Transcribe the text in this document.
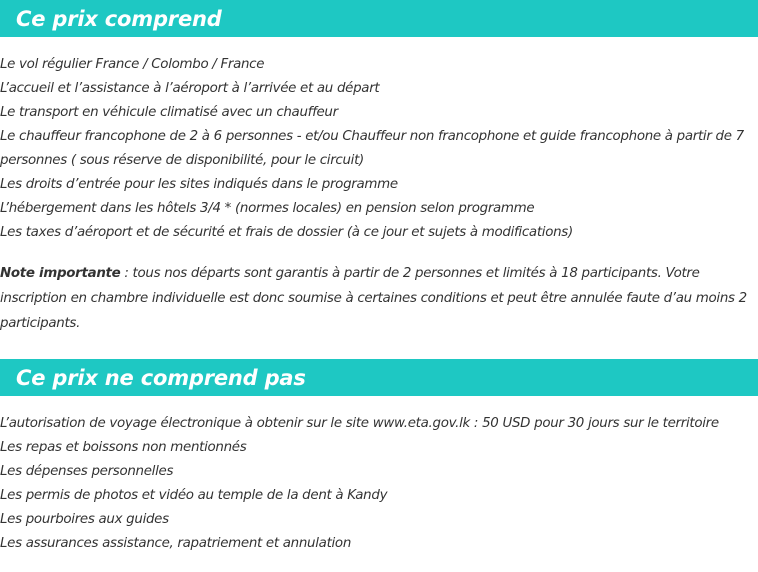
Ce prix comprend
Le vol régulier France / Colombo / France
L’accueil et l’assistance à l’aéroport à l’arrivée et au départ
Le transport en véhicule climatisé avec un chauffeur
Le chauffeur francophone de 2 à 6 personnes - et/ou Chauffeur non francophone et guide francophone à partir de 7 personnes ( sous réserve de disponibilité, pour le circuit)
Les droits d’entrée pour les sites indiqués dans le programme
L’hébergement dans les hôtels 3/4 * (normes locales) en pension selon programme
Les taxes d’aéroport et de sécurité et frais de dossier (à ce jour et sujets à modifications)

Note importante : tous nos départs sont garantis à partir de 2 personnes et limités à 18 participants. Votre inscription en chambre individuelle est donc soumise à certaines conditions et peut être annulée faute d’au moins 2 participants.

Ce prix ne comprend pas
L’autorisation de voyage électronique à obtenir sur le site www.eta.gov.lk : 50 USD pour 30 jours sur le territoire
Les repas et boissons non mentionnés
Les dépenses personnelles
Les permis de photos et vidéo au temple de la dent à Kandy
Les pourboires aux guides
Les assurances assistance, rapatriement et annulation
